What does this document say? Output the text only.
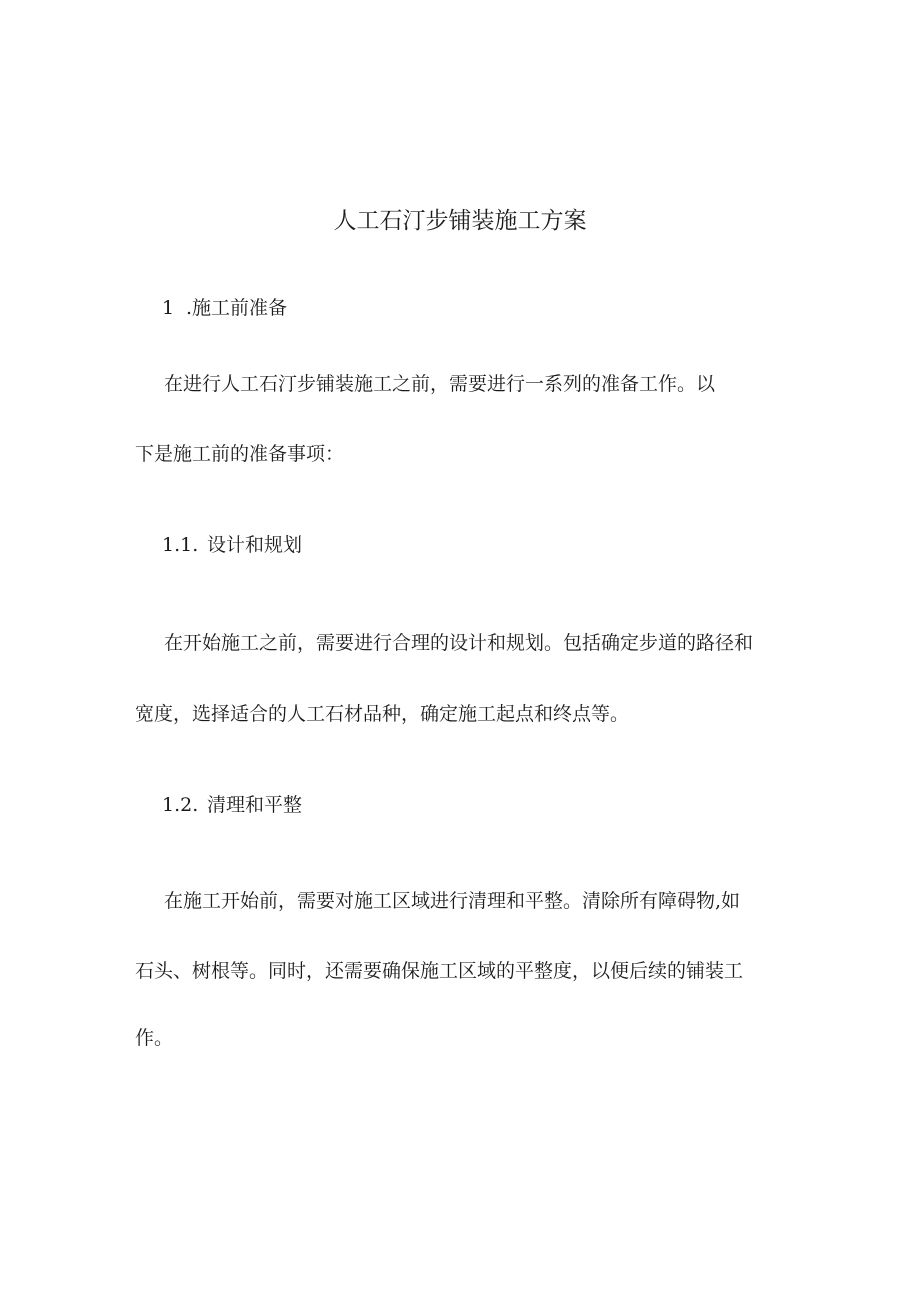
人工石汀步铺装施工方案
1 .施工前准备
在进行人工石汀步铺装施工之前，需要进行一系列的准备工作。以
下是施工前的准备事项：
1.1. 设计和规划
在开始施工之前，需要进行合理的设计和规划。包括确定步道的路径和
宽度，选择适合的人工石材品种，确定施工起点和终点等。
1.2. 清理和平整
在施工开始前，需要对施工区域进行清理和平整。清除所有障碍物,如
石头、树根等。同时，还需要确保施工区域的平整度，以便后续的铺装工
作。
